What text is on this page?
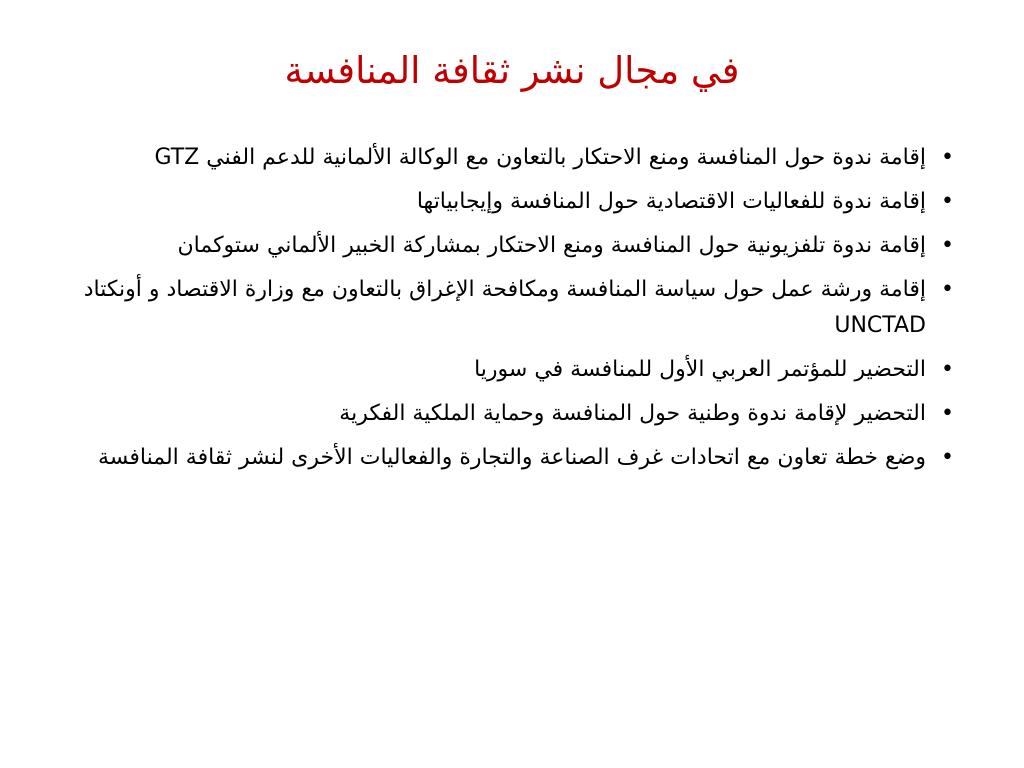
في مجال نشر ثقافة المنافسة
•
إقامة ندوة حول المنافسة ومنع الاحتكار بالتعاون مع الوكالة الألمانية للدعم الفني GTZ
•
إقامة ندوة للفعاليات الاقتصادية حول المنافسة وإيجابياتها
•
إقامة ندوة تلفزيونية حول المنافسة ومنع الاحتكار بمشاركة الخبير الألماني ستوكمان
•
إقامة ورشة عمل حول سياسة المنافسة ومكافحة الإغراق بالتعاون مع وزارة الاقتصاد و أونكتاد UNCTAD
•
التحضير للمؤتمر العربي الأول للمنافسة في سوريا
•
التحضير لإقامة ندوة وطنية حول المنافسة وحماية الملكية الفكرية
•
وضع خطة تعاون مع اتحادات غرف الصناعة والتجارة والفعاليات الأخرى لنشر ثقافة المنافسة
